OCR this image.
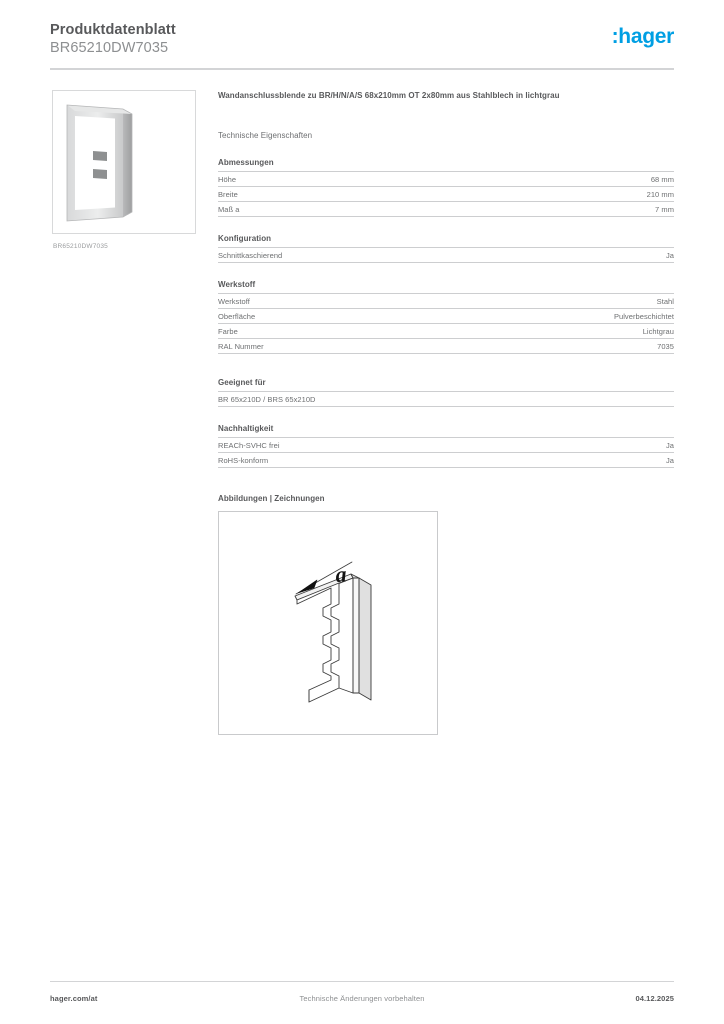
Produktdatenblatt
BR65210DW7035	:hager
BR65210DW7035
Wandanschlussblende zu BR/H/N/A/S 68x210mm OT 2x80mm aus Stahlblech in lichtgrau
Technische Eigenschaften
Abmessungen
Höhe	68 mm
Breite	210 mm
Maß a	7 mm
Konfiguration
Schnittkaschierend	Ja
Werkstoff
Werkstoff	Stahl
Oberfläche	Pulverbeschichtet
Farbe	Lichtgrau
RAL Nummer	7035
Geeignet für
BR 65x210D / BRS 65x210D
Nachhaltigkeit
REACh-SVHC frei	Ja
RoHS-konform	Ja
Abbildungen | Zeichnungen
a
hager.com/at	Technische Änderungen vorbehalten	04.12.2025
